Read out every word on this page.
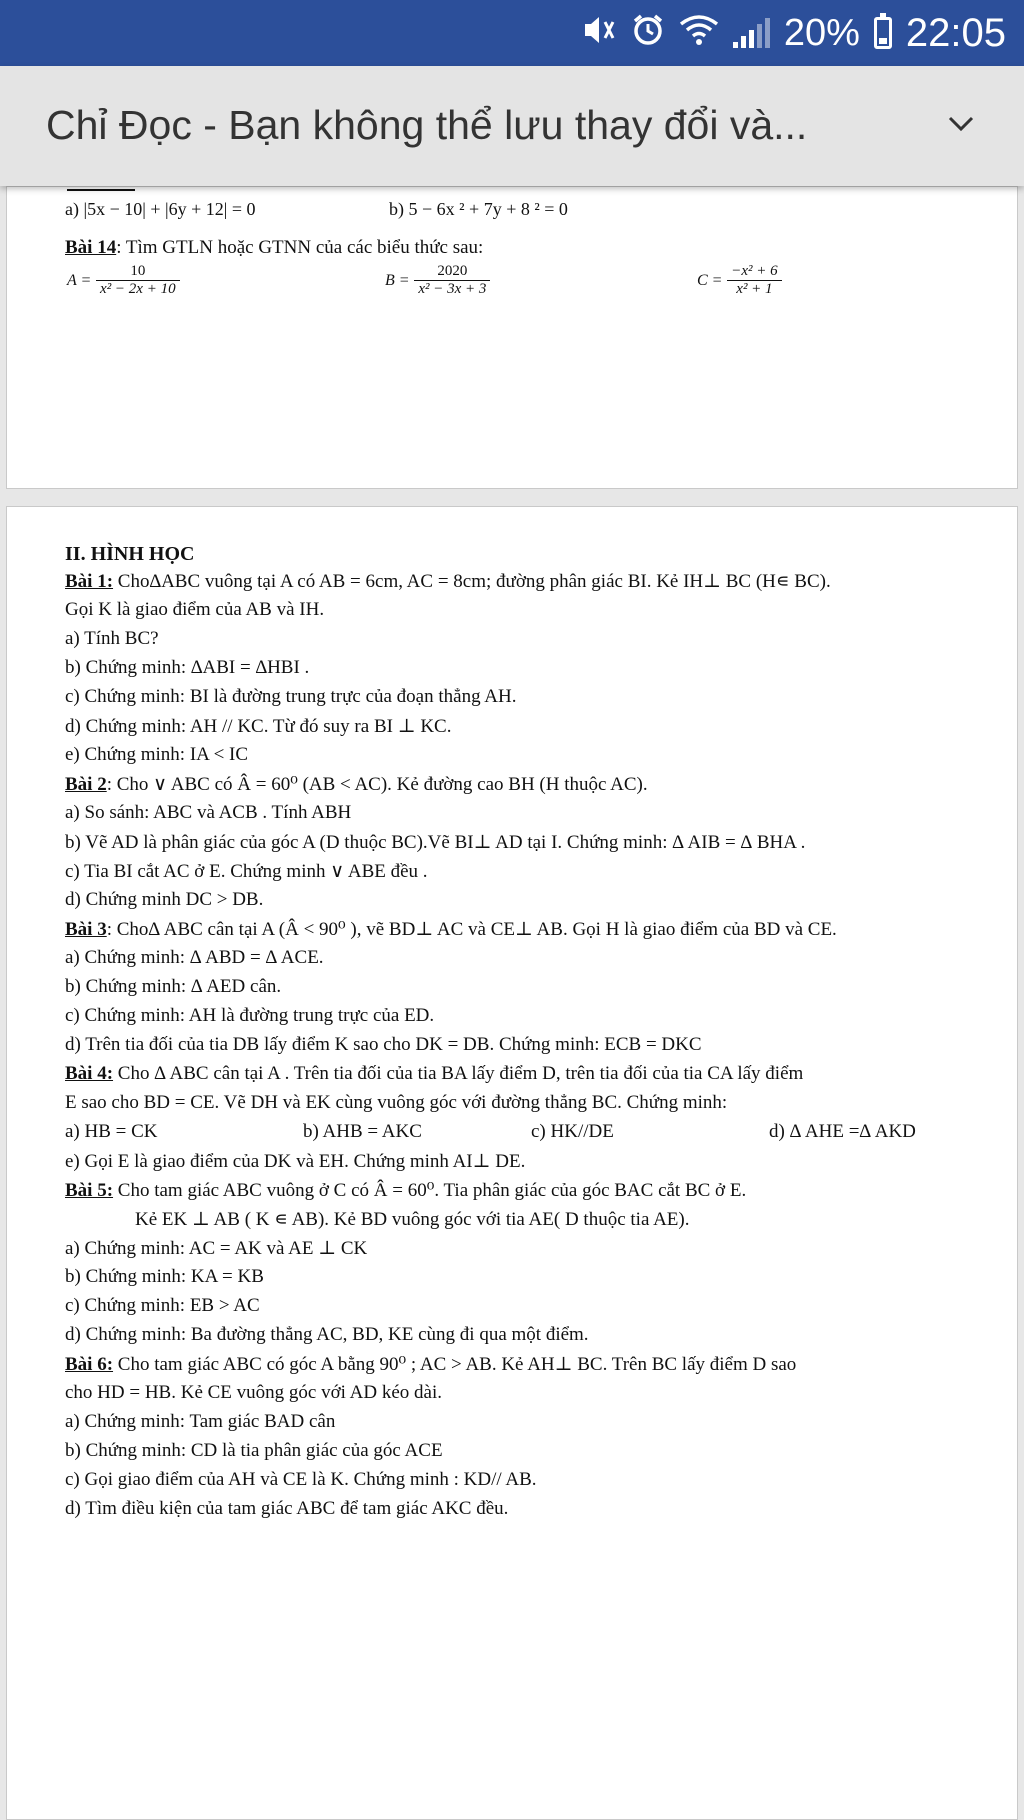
20% 22:05
Chỉ Đọc - Bạn không thể lưu thay đổi và...
a) |5x − 10| + |6y + 12| = 0	b) 5 − 6x ² + 7y + 8 ² = 0
Bài 14: Tìm GTLN hoặc GTNN của các biểu thức sau:
$A = \frac{10}{\text{x² − 2x + 10}}$	$B = \frac{2020}{\text{x² − 3x + 3}}$	$C = \frac{\text{−x² + 6}}{\text{x² + 1}}$
II. HÌNH HỌC
Bài 1: Cho∆ABC vuông tại A có AB = 6cm, AC = 8cm; đường phân giác BI. Kẻ IH⊥ BC (H∊ BC).
Gọi K là giao điểm của AB và IH.
a) Tính BC?
b) Chứng minh: ∆ABI = ∆HBI .
c) Chứng minh: BI là đường trung trực của đoạn thẳng AH.
d) Chứng minh: AH // KC. Từ đó suy ra BI ⊥ KC.
e) Chứng minh: IA < IC
Bài 2: Cho ∨ ABC có Â = 60⁰ (AB < AC). Kẻ đường cao BH (H thuộc AC).
a) So sánh: ABC và ACB . Tính ABH
b) Vẽ AD là phân giác của góc A (D thuộc BC).Vẽ BI⊥ AD tại I. Chứng minh: ∆ AIB = ∆ BHA .
c) Tia BI cắt AC ở E. Chứng minh ∨ ABE đều .
d) Chứng minh DC > DB.
Bài 3: Cho∆ ABC cân tại A (Â < 90⁰ ), vẽ BD⊥ AC và CE⊥ AB. Gọi H là giao điểm của BD và CE.
a) Chứng minh: ∆ ABD = ∆ ACE.
b) Chứng minh: ∆ AED cân.
c) Chứng minh: AH là đường trung trực của ED.
d) Trên tia đối của tia DB lấy điểm K sao cho DK = DB. Chứng minh: ECB = DKC
Bài 4: Cho ∆ ABC cân tại A . Trên tia đối của tia BA lấy điểm D, trên tia đối của tia CA lấy điểm
E sao cho BD = CE. Vẽ DH và EK cùng vuông góc với đường thẳng BC. Chứng minh:
a) HB = CK	b) AHB = AKC	c) HK//DE	d) ∆ AHE =∆ AKD
e) Gọi E là giao điểm của DK và EH. Chứng minh AI⊥ DE.
Bài 5: Cho tam giác ABC vuông ở C có Â = 60⁰. Tia phân giác của góc BAC cắt BC ở E.
Kẻ EK ⊥ AB ( K ∊ AB). Kẻ BD vuông góc với tia AE( D thuộc tia AE).
a) Chứng minh: AC = AK và AE ⊥ CK
b) Chứng minh: KA = KB
c) Chứng minh: EB > AC
d) Chứng minh: Ba đường thẳng AC, BD, KE cùng đi qua một điểm.
Bài 6: Cho tam giác ABC có góc A bằng 90⁰ ; AC > AB. Kẻ AH⊥ BC. Trên BC lấy điểm D sao
cho HD = HB. Kẻ CE vuông góc với AD kéo dài.
a) Chứng minh: Tam giác BAD cân
b) Chứng minh: CD là tia phân giác của góc ACE
c) Gọi giao điểm của AH và CE là K. Chứng minh : KD// AB.
d) Tìm điều kiện của tam giác ABC để tam giác AKC đều.
